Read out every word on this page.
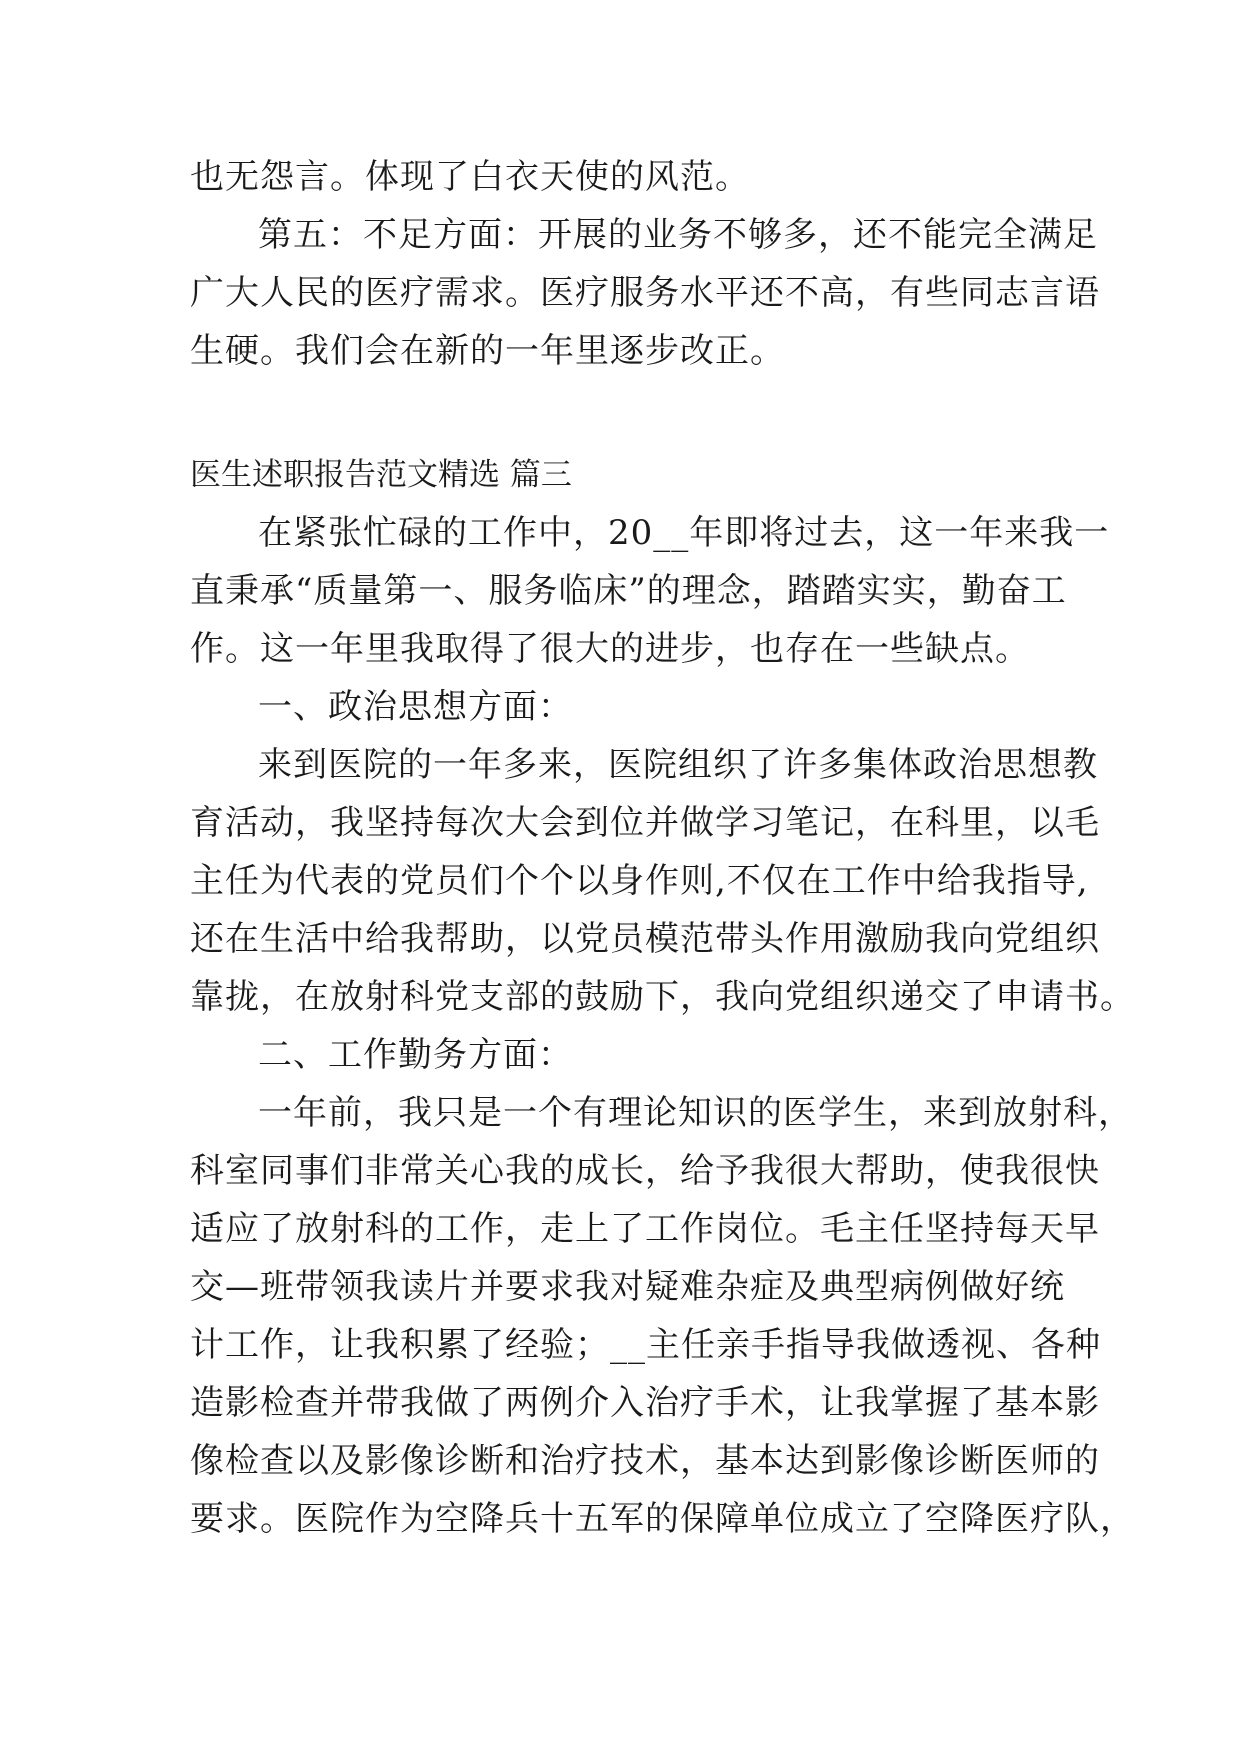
也无怨言。体现了白衣天使的风范。
第五：不足方面：开展的业务不够多，还不能完全满足
广大人民的医疗需求。医疗服务水平还不高，有些同志言语
生硬。我们会在新的一年里逐步改正。
医生述职报告范文精选 篇三
在紧张忙碌的工作中，20__年即将过去，这一年来我一
直秉承“质量第一、服务临床”的理念，踏踏实实，勤奋工
作。这一年里我取得了很大的进步，也存在一些缺点。
一、政治思想方面：
来到医院的一年多来，医院组织了许多集体政治思想教
育活动，我坚持每次大会到位并做学习笔记，在科里，以毛
主任为代表的党员们个个以身作则,不仅在工作中给我指导,
还在生活中给我帮助，以党员模范带头作用激励我向党组织
靠拢，在放射科党支部的鼓励下，我向党组织递交了申请书。
二、工作勤务方面：
一年前，我只是一个有理论知识的医学生，来到放射科，
科室同事们非常关心我的成长，给予我很大帮助，使我很快
适应了放射科的工作，走上了工作岗位。毛主任坚持每天早
交—班带领我读片并要求我对疑难杂症及典型病例做好统
计工作，让我积累了经验；__主任亲手指导我做透视、各种
造影检查并带我做了两例介入治疗手术，让我掌握了基本影
像检查以及影像诊断和治疗技术，基本达到影像诊断医师的
要求。医院作为空降兵十五军的保障单位成立了空降医疗队，
